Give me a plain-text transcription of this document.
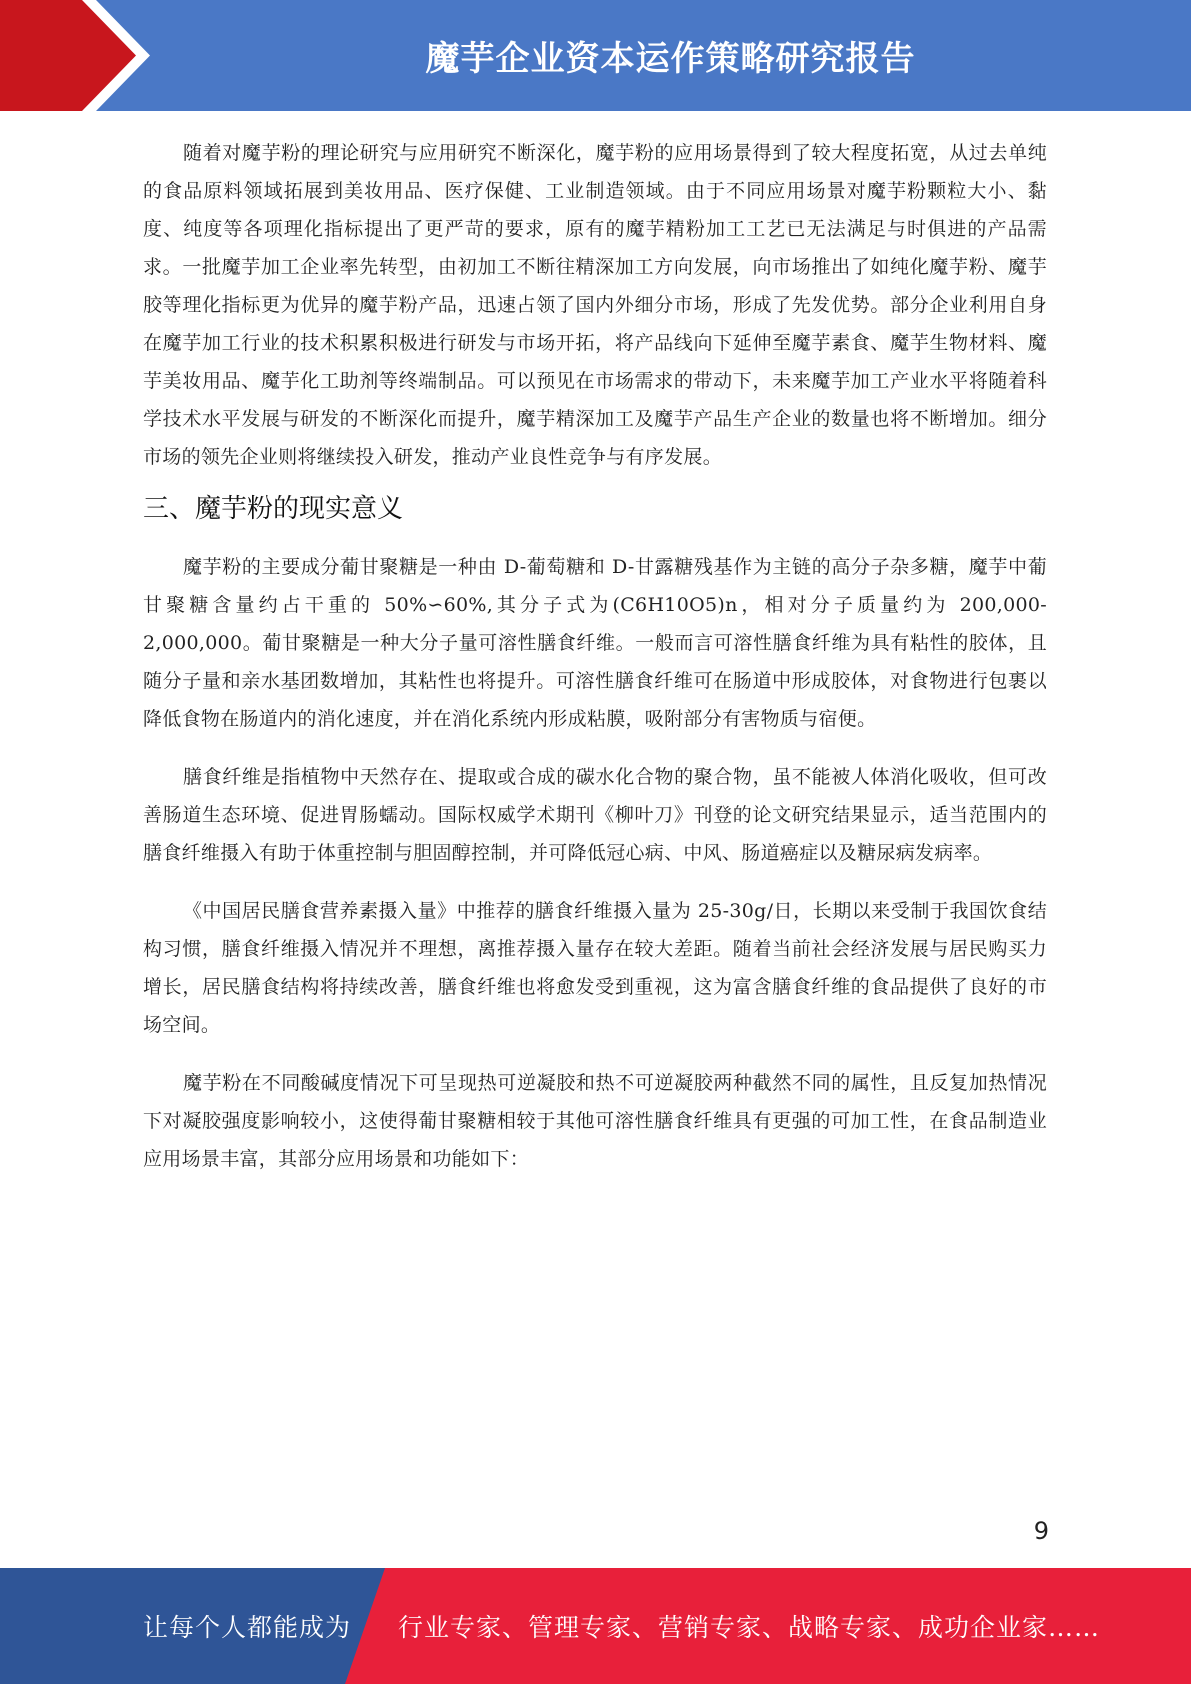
魔芋企业资本运作策略研究报告

随着对魔芋粉的理论研究与应用研究不断深化，魔芋粉的应用场景得到了较大程度拓宽，从过去单纯的食品原料领域拓展到美妆用品、医疗保健、工业制造领域。由于不同应用场景对魔芋粉颗粒大小、黏度、纯度等各项理化指标提出了更严苛的要求，原有的魔芋精粉加工工艺已无法满足与时俱进的产品需求。一批魔芋加工企业率先转型，由初加工不断往精深加工方向发展，向市场推出了如纯化魔芋粉、魔芋胶等理化指标更为优异的魔芋粉产品，迅速占领了国内外细分市场，形成了先发优势。部分企业利用自身在魔芋加工行业的技术积累积极进行研发与市场开拓，将产品线向下延伸至魔芋素食、魔芋生物材料、魔芋美妆用品、魔芋化工助剂等终端制品。可以预见在市场需求的带动下，未来魔芋加工产业水平将随着科学技术水平发展与研发的不断深化而提升，魔芋精深加工及魔芋产品生产企业的数量也将不断增加。细分市场的领先企业则将继续投入研发，推动产业良性竞争与有序发展。

三、魔芋粉的现实意义

魔芋粉的主要成分葡甘聚糖是一种由 D-葡萄糖和 D-甘露糖残基作为主链的高分子杂多糖，魔芋中葡甘聚糖含量约占干重的 50%∽60%,其分子式为(C6H10O5)n，相对分子质量约为 200,000-2,000,000。葡甘聚糖是一种大分子量可溶性膳食纤维。一般而言可溶性膳食纤维为具有粘性的胶体，且随分子量和亲水基团数增加，其粘性也将提升。可溶性膳食纤维可在肠道中形成胶体，对食物进行包裹以降低食物在肠道内的消化速度，并在消化系统内形成粘膜，吸附部分有害物质与宿便。

膳食纤维是指植物中天然存在、提取或合成的碳水化合物的聚合物，虽不能被人体消化吸收，但可改善肠道生态环境、促进胃肠蠕动。国际权威学术期刊《柳叶刀》刊登的论文研究结果显示，适当范围内的膳食纤维摄入有助于体重控制与胆固醇控制，并可降低冠心病、中风、肠道癌症以及糖尿病发病率。

《中国居民膳食营养素摄入量》中推荐的膳食纤维摄入量为 25-30g/日，长期以来受制于我国饮食结构习惯，膳食纤维摄入情况并不理想，离推荐摄入量存在较大差距。随着当前社会经济发展与居民购买力增长，居民膳食结构将持续改善，膳食纤维也将愈发受到重视，这为富含膳食纤维的食品提供了良好的市场空间。

魔芋粉在不同酸碱度情况下可呈现热可逆凝胶和热不可逆凝胶两种截然不同的属性，且反复加热情况下对凝胶强度影响较小，这使得葡甘聚糖相较于其他可溶性膳食纤维具有更强的可加工性，在食品制造业应用场景丰富，其部分应用场景和功能如下：

9
让每个人都能成为 行业专家、管理专家、营销专家、战略专家、成功企业家……
